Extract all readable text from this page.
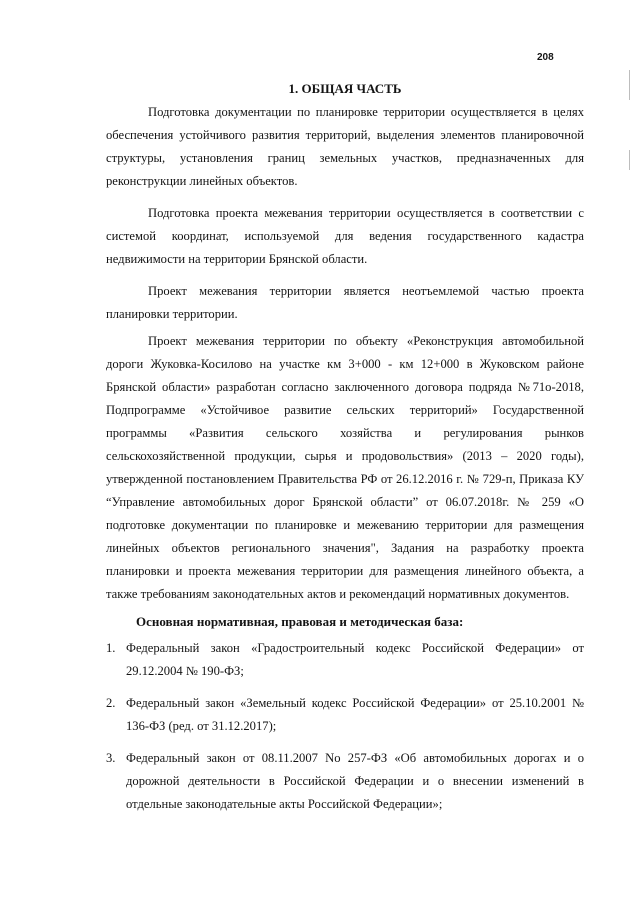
208
1. ОБЩАЯ ЧАСТЬ

Подготовка документации по планировке территории осуществляется в целях обеспечения устойчивого развития территорий, выделения элементов планировочной структуры, установления границ земельных участков, предназначенных для реконструкции линейных объектов.

Подготовка проекта межевания территории осуществляется в соответствии с системой координат, используемой для ведения государственного кадастра недвижимости на территории Брянской области.

Проект межевания территории является неотъемлемой частью проекта планировки территории.

Проект межевания территории по объекту «Реконструкция автомобильной дороги Жуковка-Косилово на участке км 3+000 - км 12+000 в Жуковском районе Брянской области» разработан согласно заключенного договора подряда №71о-2018, Подпрограмме «Устойчивое развитие сельских территорий» Государственной программы «Развития сельского хозяйства и регулирования рынков сельскохозяйственной продукции, сырья и продовольствия» (2013 – 2020 годы), утвержденной постановлением Правительства РФ от 26.12.2016 г. № 729-п, Приказа КУ “Управление автомобильных дорог Брянской области” от 06.07.2018г. № 259 «О подготовке документации по планировке и межеванию территории для размещения линейных объектов регионального значения", Задания на разработку проекта планировки и проекта межевания территории для размещения линейного объекта, а также требованиям законодательных актов и рекомендаций нормативных документов.

Основная нормативная, правовая и методическая база:
1. Федеральный закон «Градостроительный кодекс Российской Федерации» от 29.12.2004 № 190-ФЗ;
2. Федеральный закон «Земельный кодекс Российской Федерации» от 25.10.2001 № 136-ФЗ (ред. от 31.12.2017);
3. Федеральный закон от 08.11.2007 No 257-ФЗ «Об автомобильных дорогах и о дорожной деятельности в Российской Федерации и о внесении изменений в отдельные законодательные акты Российской Федерации»;
